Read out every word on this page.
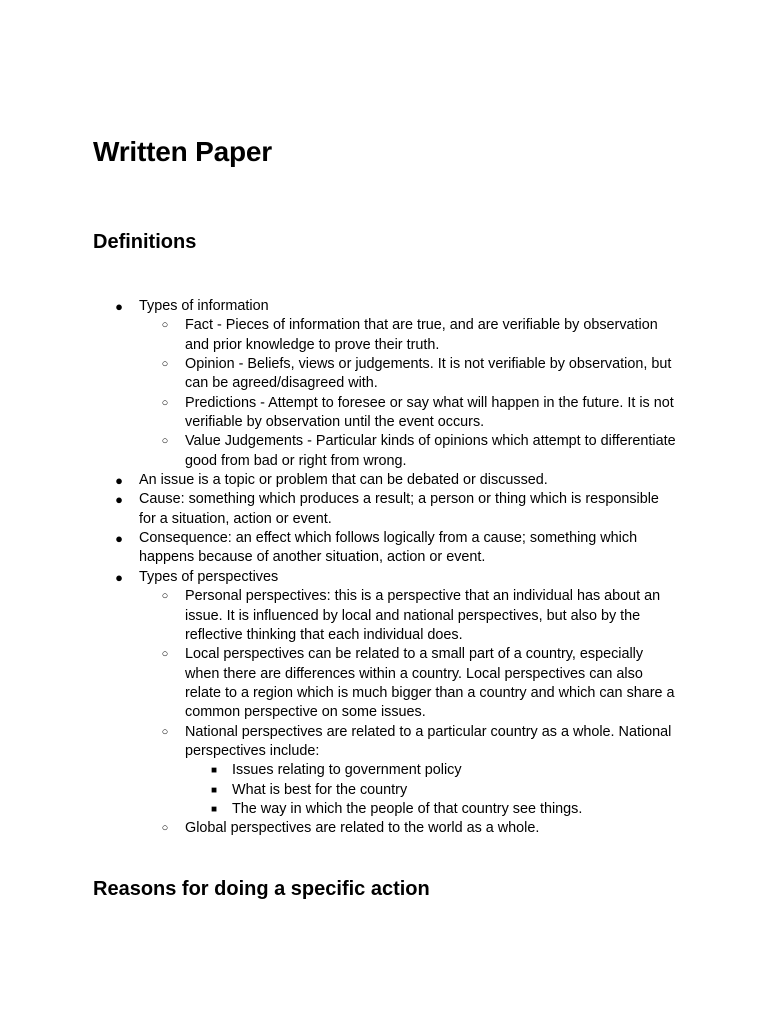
Written Paper
Definitions
● Types of information
○ Fact - Pieces of information that are true, and are verifiable by observation and prior knowledge to prove their truth.
○ Opinion - Beliefs, views or judgements. It is not verifiable by observation, but can be agreed/disagreed with.
○ Predictions - Attempt to foresee or say what will happen in the future. It is not verifiable by observation until the event occurs.
○ Value Judgements - Particular kinds of opinions which attempt to differentiate good from bad or right from wrong.
● An issue is a topic or problem that can be debated or discussed.
● Cause: something which produces a result; a person or thing which is responsible for a situation, action or event.
● Consequence: an effect which follows logically from a cause; something which happens because of another situation, action or event.
● Types of perspectives
○ Personal perspectives: this is a perspective that an individual has about an issue. It is influenced by local and national perspectives, but also by the reflective thinking that each individual does.
○ Local perspectives can be related to a small part of a country, especially when there are differences within a country. Local perspectives can also relate to a region which is much bigger than a country and which can share a common perspective on some issues.
○ National perspectives are related to a particular country as a whole. National perspectives include:
■ Issues relating to government policy
■ What is best for the country
■ The way in which the people of that country see things.
○ Global perspectives are related to the world as a whole.
Reasons for doing a specific action
